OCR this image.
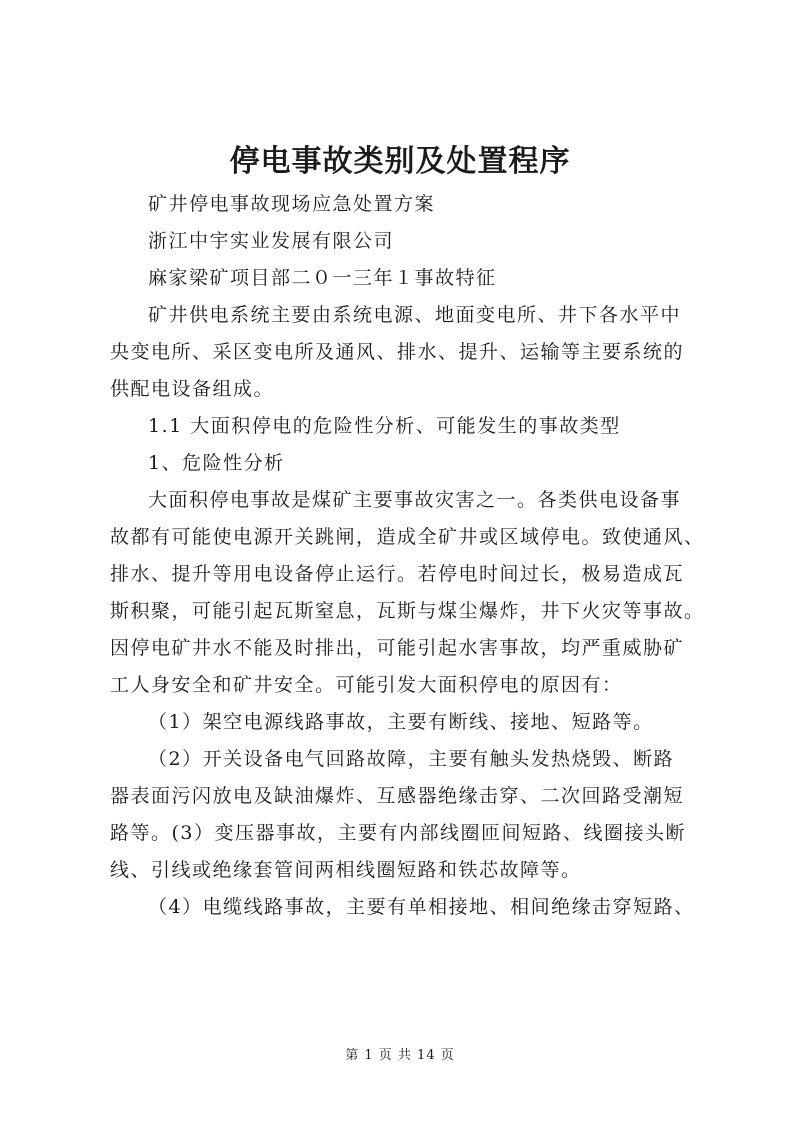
停电事故类别及处置程序
矿井停电事故现场应急处置方案
浙江中宇实业发展有限公司
麻家梁矿项目部二０一三年１事故特征
矿井供电系统主要由系统电源、地面变电所、井下各水平中
央变电所、采区变电所及通风、排水、提升、运输等主要系统的
供配电设备组成。
1.1 大面积停电的危险性分析、可能发生的事故类型
1、危险性分析
大面积停电事故是煤矿主要事故灾害之一。各类供电设备事
故都有可能使电源开关跳闸，造成全矿井或区域停电。致使通风、
排水、提升等用电设备停止运行。若停电时间过长，极易造成瓦
斯积聚，可能引起瓦斯窒息，瓦斯与煤尘爆炸，井下火灾等事故。
因停电矿井水不能及时排出，可能引起水害事故，均严重威胁矿
工人身安全和矿井安全。可能引发大面积停电的原因有：
（1）架空电源线路事故，主要有断线、接地、短路等。
（2）开关设备电气回路故障，主要有触头发热烧毁、断路
器表面污闪放电及缺油爆炸、互感器绝缘击穿、二次回路受潮短
路等。(3）变压器事故，主要有内部线圈匝间短路、线圈接头断
线、引线或绝缘套管间两相线圈短路和铁芯故障等。
（4）电缆线路事故，主要有单相接地、相间绝缘击穿短路、
第 1 页 共 14 页
